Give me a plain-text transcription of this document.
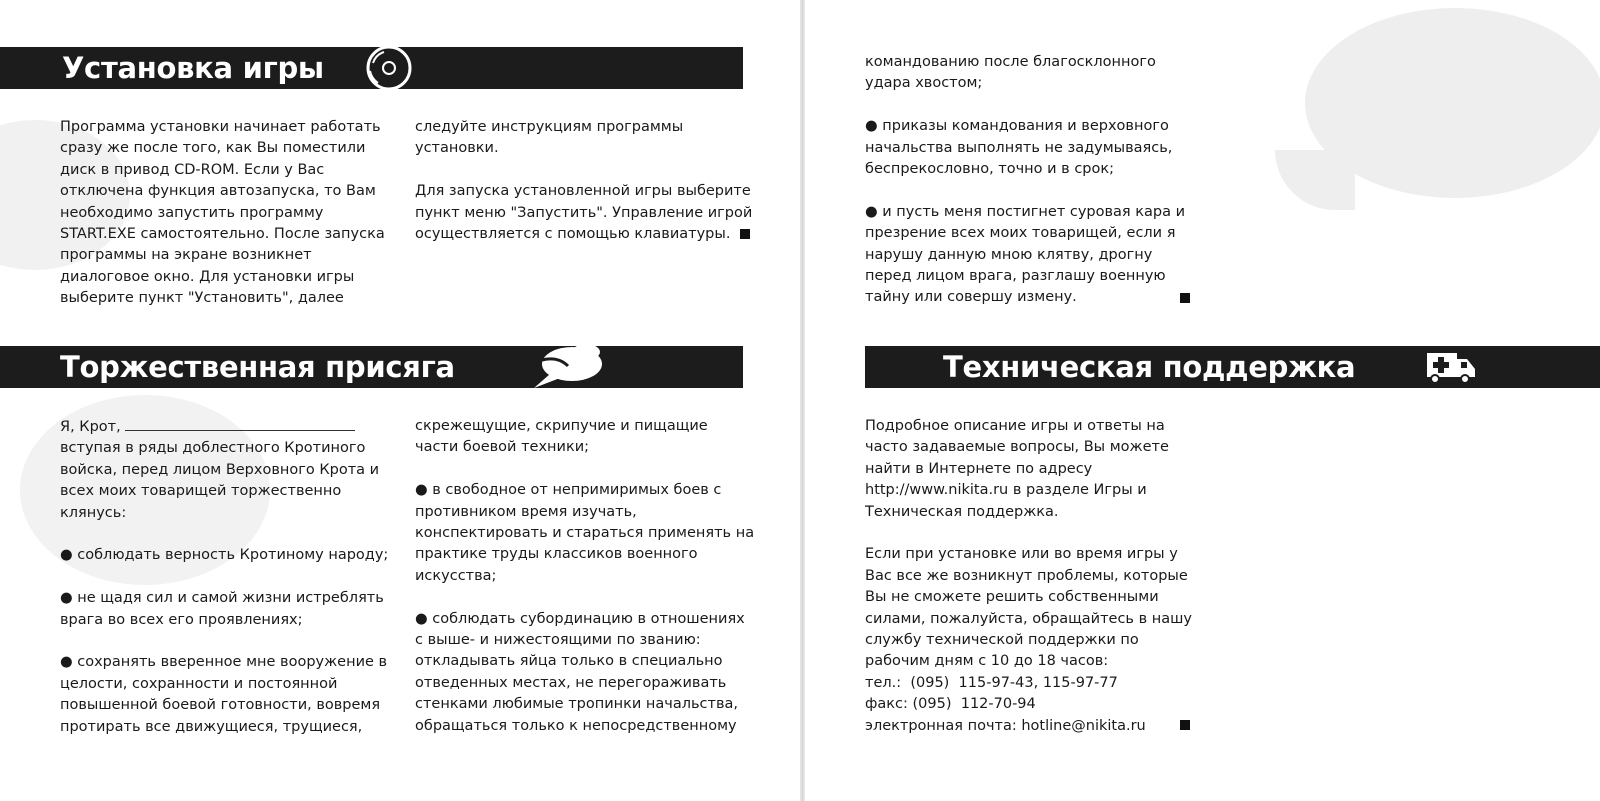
Установка игры

Программа установки начинает работать

сразу же после того, как Вы поместили

диск в привод CD-ROM. Если у Вас

отключена функция автозапуска, то Вам

необходимо запустить программу

START.EXE самостоятельно. После запуска

программы на экране возникнет

диалоговое окно. Для установки игры

выберите пункт "Установить", далее

следуйте инструкциям программы

установки.

Для запуска установленной игры выберите

пункт меню "Запустить". Управление игрой

осуществляется с помощью клавиатуры.

Торжественная присяга

Я, Крот,

вступая в ряды доблестного Кротиного

войска, перед лицом Верховного Крота и

всех моих товарищей торжественно

клянусь:

● соблюдать верность Кротиному народу;

● не щадя сил и самой жизни истреблять

врага во всех его проявлениях;

● сохранять вверенное мне вооружение в

целости, сохранности и постоянной

повышенной боевой готовности, вовремя

протирать все движущиеся, трущиеся,

скрежещущие, скрипучие и пищащие

части боевой техники;

● в свободное от непримиримых боев с

противником время изучать,

конспектировать и стараться применять на

практике труды классиков военного

искусства;

● соблюдать субординацию в отношениях

с выше- и нижестоящими по званию:

откладывать яйца только в специально

отведенных местах, не перегораживать

стенками любимые тропинки начальства,

обращаться только к непосредственному

командованию после благосклонного

удара хвостом;

● приказы командования и верховного

начальства выполнять не задумываясь,

беспрекословно, точно и в срок;

● и пусть меня постигнет суровая кара и

презрение всех моих товарищей, если я

нарушу данную мною клятву, дрогну

перед лицом врага, разглашу военную

тайну или совершу измену.

Техническая поддержка

Подробное описание игры и ответы на

часто задаваемые вопросы, Вы можете

найти в Интернете по адресу

http://www.nikita.ru в разделе Игры и

Техническая поддержка.

Если при установке или во время игры у

Вас все же возникнут проблемы, которые

Вы не сможете решить собственными

силами, пожалуйста, обращайтесь в нашу

службу технической поддержки по

рабочим дням с 10 до 18 часов:

тел.:  (095)  115-97-43, 115-97-77

факс: (095)  112-70-94

электронная почта: hotline@nikita.ru
